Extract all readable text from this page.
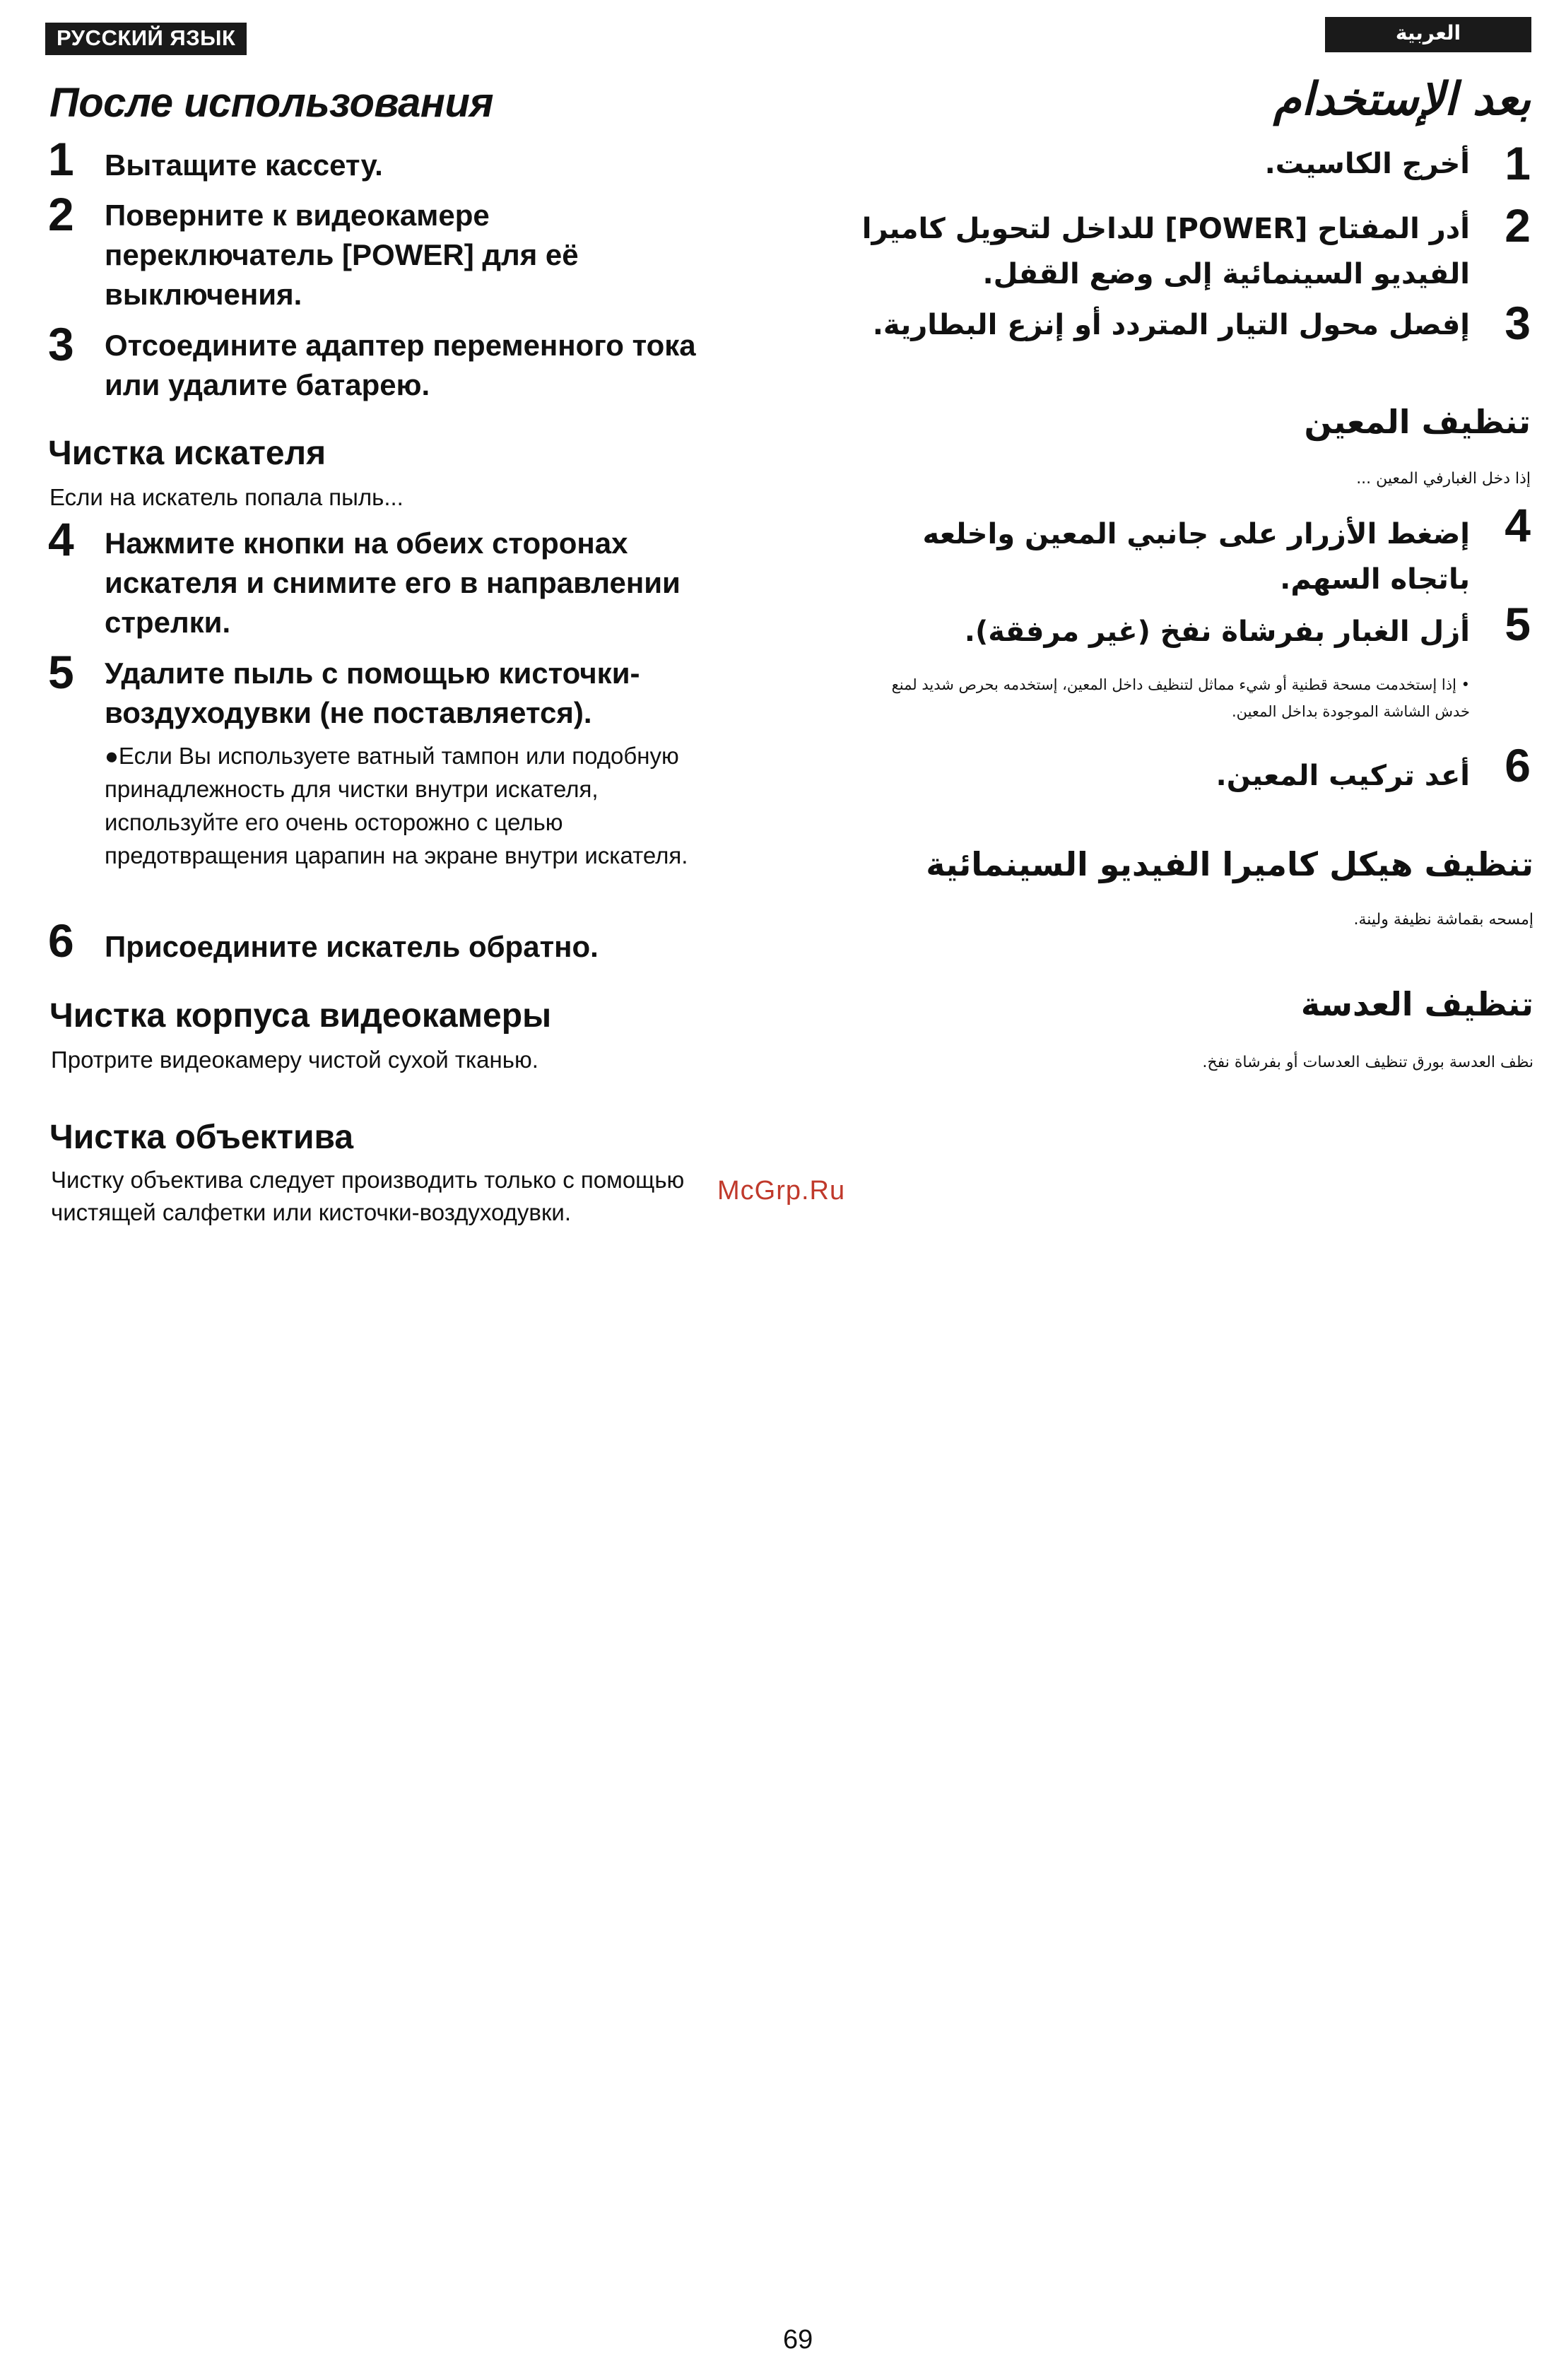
РУССКИЙ ЯЗЫК
После использования
1 Вытащите кассету.
2 Поверните к видеокамере переключатель [POWER] для её выключения.
3 Отсоедините адаптер переменного тока или удалите батарею.
Чистка искателя
Если на искатель попала пыль...
4 Нажмите кнопки на обеих сторонах искателя и снимите его в направлении стрелки.
5 Удалите пыль с помощью кисточки-воздуходувки (не поставляется).
●Если Вы используете ватный тампон или подобную принадлежность для чистки внутри искателя, используйте его очень осторожно с целью предотвращения царапин на экране внутри искателя.
6 Присоедините искатель обратно.
Чистка корпуса видеокамеры
Протрите видеокамеру чистой сухой тканью.
Чистка объектива
Чистку объектива следует производить только с помощью чистящей салфетки или кисточки-воздуходувки.
McGrp.Ru
العربية
بعد الإستخدام
1
أخرج الكاسيت.
2
أدر المفتاح [POWER] للداخل لتحويل كاميرا الفيديو السينمائية إلى وضع القفل.
3
إفصل محول التيار المتردد أو إنزع البطارية.
تنظيف المعين
إذا دخل الغبارفي المعين ...
4
إضغط الأزرار على جانبي المعين واخلعه باتجاه السهم.
5
أزل الغبار بفرشاة نفخ (غير مرفقة).
• إذا إستخدمت مسحة قطنية أو شيء مماثل لتنظيف داخل المعين، إستخدمه بحرص شديد لمنع خدش الشاشة الموجودة بداخل المعين.
6
أعد تركيب المعين.
تنظيف هيكل كاميرا الفيديو السينمائية
إمسحه بقماشة نظيفة ولينة.
تنظيف العدسة
نظف العدسة بورق تنظيف العدسات أو بفرشاة نفخ.
69
